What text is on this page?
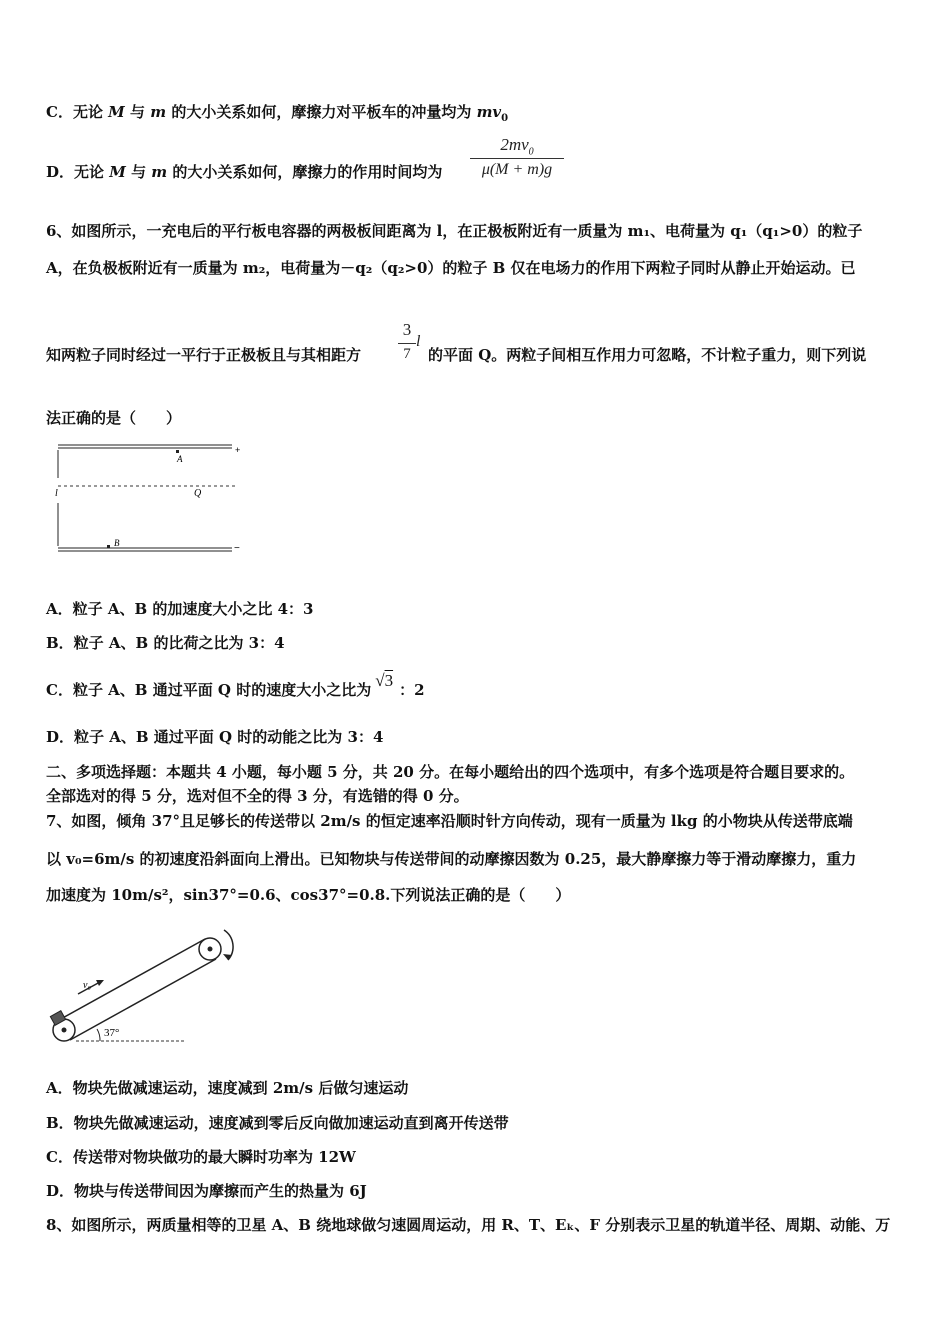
C．无论 M 与 m 的大小关系如何，摩擦力对平板车的冲量均为 $mv_0$
D．无论 M 与 m 的大小关系如何，摩擦力的作用时间均为
$2mv_0$
μ(M + m)g
6、如图所示，一充电后的平行板电容器的两极板间距离为 l，在正极板附近有一质量为 m₁、电荷量为 q₁（q₁>0）的粒子
A，在负极板附近有一质量为 m₂，电荷量为－q₂（q₂>0）的粒子 B 仅在电场力的作用下两粒子同时从静止开始运动。已
知两粒子同时经过一平行于正极板且与其相距方
3
7
l
的平面 Q。两粒子间相互作用力可忽略，不计粒子重力，则下列说
法正确的是（　　）
+
−
A
B
Q
l
A．粒子 A、B 的加速度大小之比 4：3
B．粒子 A、B 的比荷之比为 3：4
C．粒子 A、B 通过平面 Q 时的速度大小之比为 √3 ：2
D．粒子 A、B 通过平面 Q 时的动能之比为 3：4
二、多项选择题：本题共 4 小题，每小题 5 分，共 20 分。在每小题给出的四个选项中，有多个选项是符合题目要求的。
全部选对的得 5 分，选对但不全的得 3 分，有选错的得 0 分。
7、如图，倾角 37°且足够长的传送带以 2m/s 的恒定速率沿顺时针方向传动，现有一质量为 lkg 的小物块从传送带底端
以 v₀=6m/s 的初速度沿斜面向上滑出。已知物块与传送带间的动摩擦因数为 0.25，最大静摩擦力等于滑动摩擦力，重力
加速度为 10m/s²，sin37°=0.6、cos37°=0.8.下列说法正确的是（　　）
v₀
37°
A．物块先做减速运动，速度减到 2m/s 后做匀速运动
B．物块先做减速运动，速度减到零后反向做加速运动直到离开传送带
C．传送带对物块做功的最大瞬时功率为 12W
D．物块与传送带间因为摩擦而产生的热量为 6J
8、如图所示，两质量相等的卫星 A、B 绕地球做匀速圆周运动，用 R、T、Eₖ、F 分别表示卫星的轨道半径、周期、动能、万
